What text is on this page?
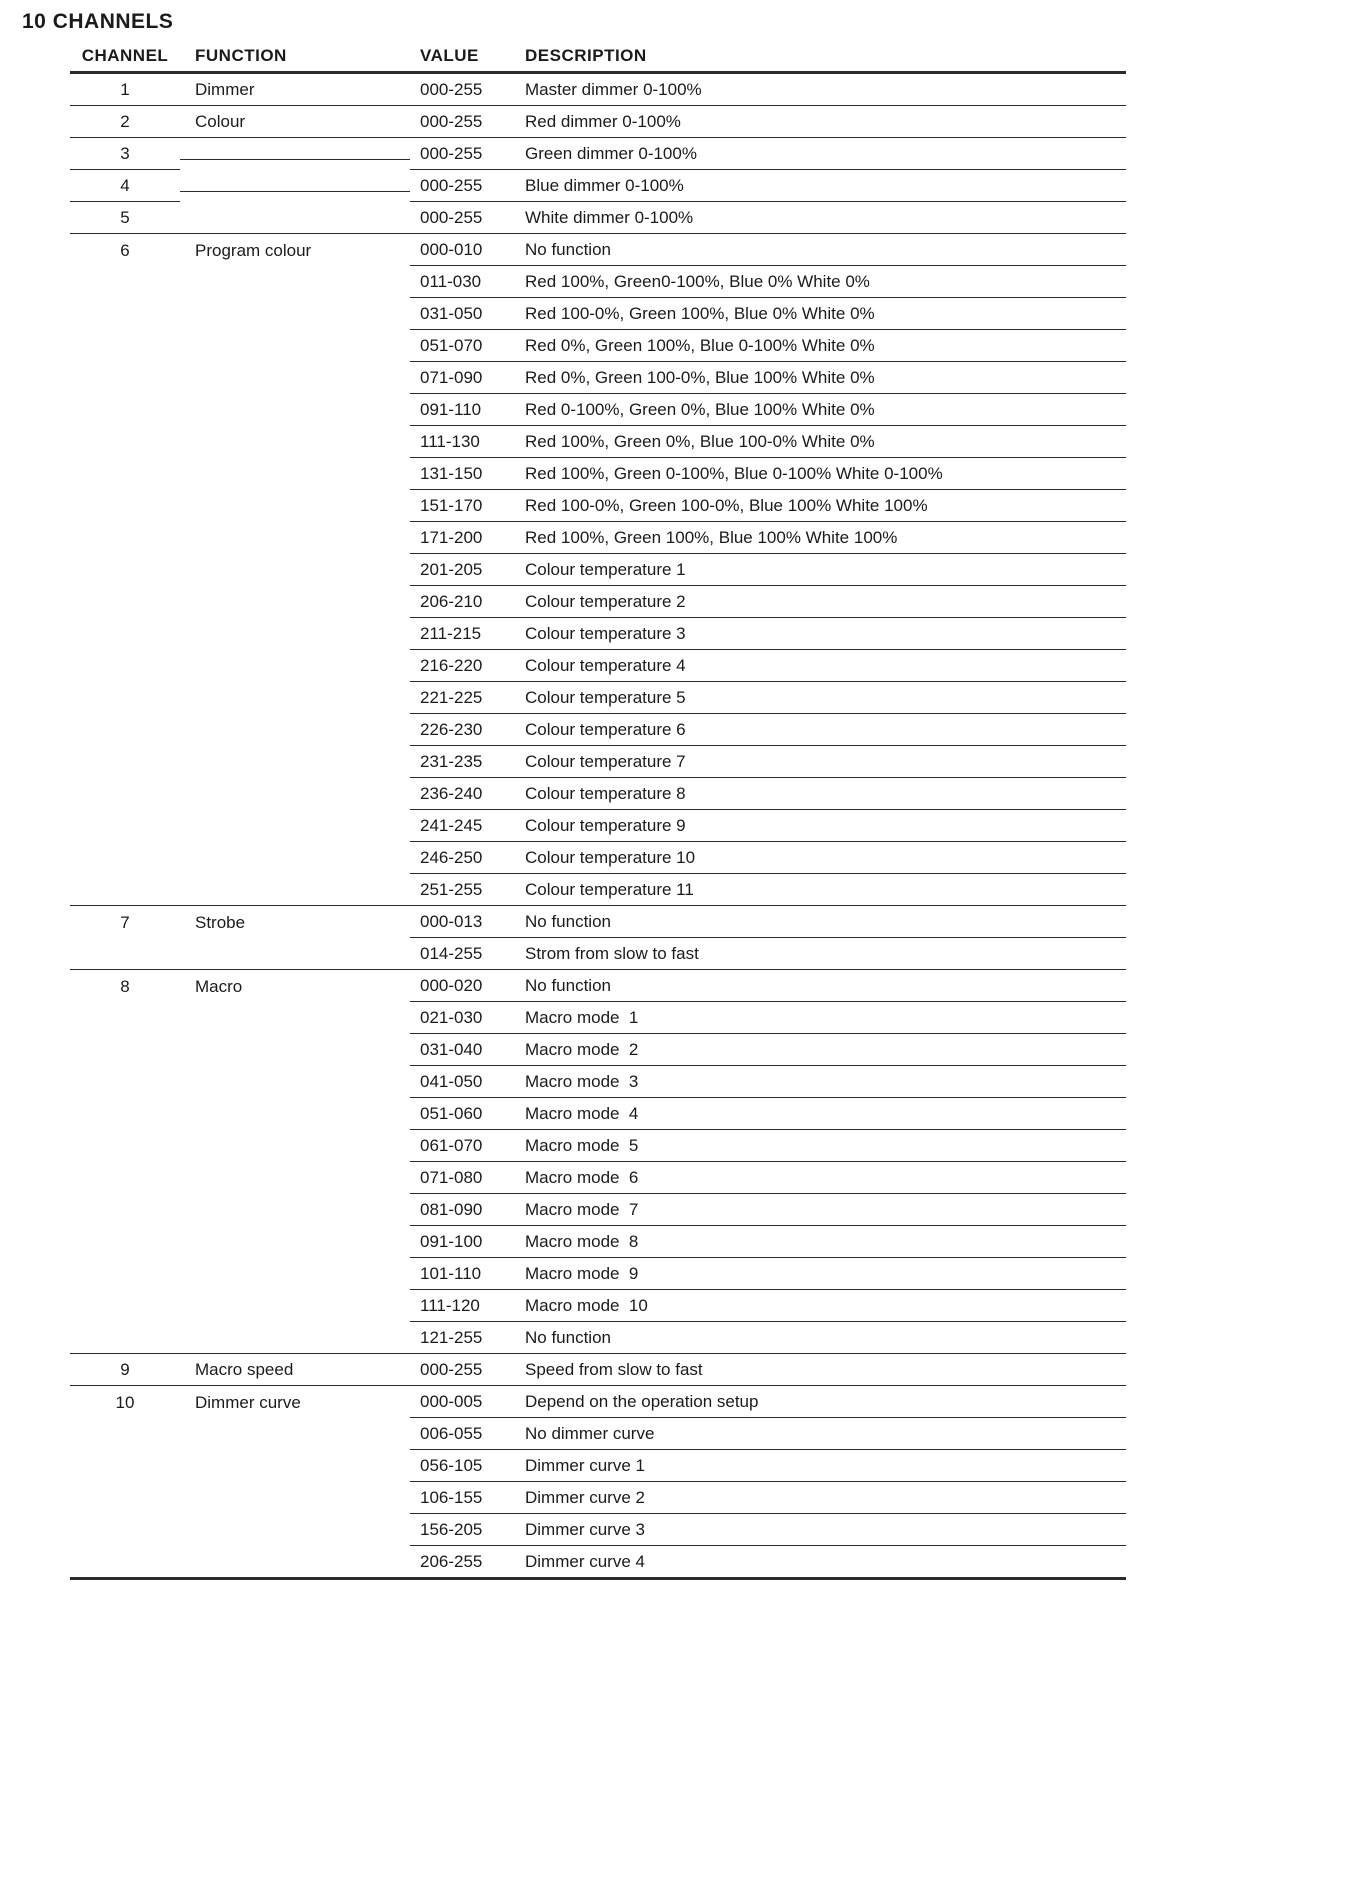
10 CHANNELS
CHANNEL	FUNCTION	VALUE	DESCRIPTION
1	Dimmer	000-255	Master dimmer 0-100%
2	Colour	000-255	Red dimmer 0-100%
3	000-255	Green dimmer 0-100%
4	000-255	Blue dimmer 0-100%
5	000-255	White dimmer 0-100%
6	Program colour	000-010	No function
011-030	Red 100%, Green0-100%, Blue 0% White 0%
031-050	Red 100-0%, Green 100%, Blue 0% White 0%
051-070	Red 0%, Green 100%, Blue 0-100% White 0%
071-090	Red 0%, Green 100-0%, Blue 100% White 0%
091-110	Red 0-100%, Green 0%, Blue 100% White 0%
111-130	Red 100%, Green 0%, Blue 100-0% White 0%
131-150	Red 100%, Green 0-100%, Blue 0-100% White 0-100%
151-170	Red 100-0%, Green 100-0%, Blue 100% White 100%
171-200	Red 100%, Green 100%, Blue 100% White 100%
201-205	Colour temperature 1
206-210	Colour temperature 2
211-215	Colour temperature 3
216-220	Colour temperature 4
221-225	Colour temperature 5
226-230	Colour temperature 6
231-235	Colour temperature 7
236-240	Colour temperature 8
241-245	Colour temperature 9
246-250	Colour temperature 10
251-255	Colour temperature 11
7	Strobe	000-013	No function
014-255	Strom from slow to fast
8	Macro	000-020	No function
021-030	Macro mode  1
031-040	Macro mode  2
041-050	Macro mode  3
051-060	Macro mode  4
061-070	Macro mode  5
071-080	Macro mode  6
081-090	Macro mode  7
091-100	Macro mode  8
101-110	Macro mode  9
111-120	Macro mode  10
121-255	No function
9	Macro speed	000-255	Speed from slow to fast
10	Dimmer curve	000-005	Depend on the operation setup
006-055	No dimmer curve
056-105	Dimmer curve 1
106-155	Dimmer curve 2
156-205	Dimmer curve 3
206-255	Dimmer curve 4
